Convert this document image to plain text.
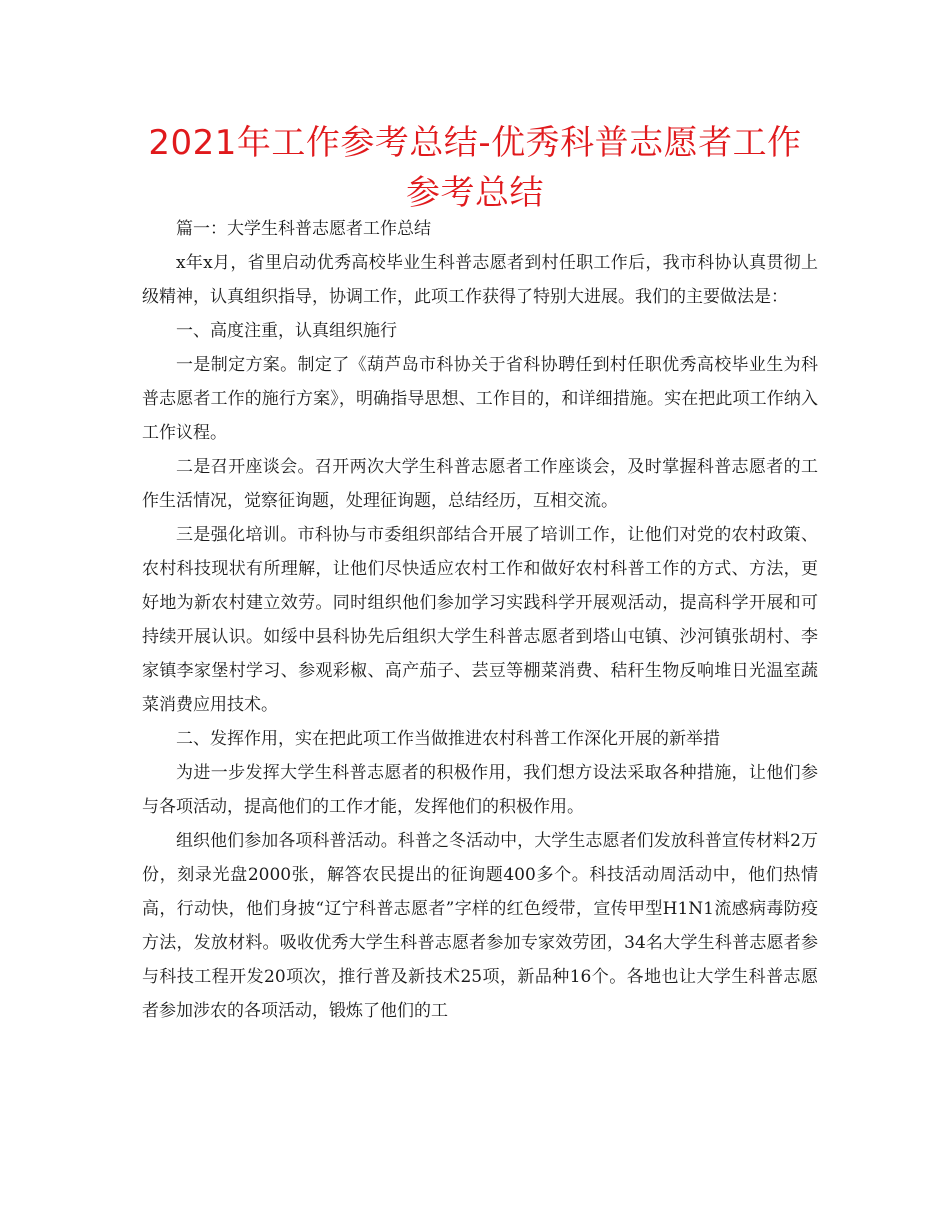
2021年工作参考总结-优秀科普志愿者工作参考总结

篇一：大学生科普志愿者工作总结

x年x月，省里启动优秀高校毕业生科普志愿者到村任职工作后，我市科协认真贯彻上级精神，认真组织指导，协调工作，此项工作获得了特别大进展。我们的主要做法是：

一、高度注重，认真组织施行

一是制定方案。制定了《葫芦岛市科协关于省科协聘任到村任职优秀高校毕业生为科普志愿者工作的施行方案》，明确指导思想、工作目的，和详细措施。实在把此项工作纳入工作议程。

二是召开座谈会。召开两次大学生科普志愿者工作座谈会，及时掌握科普志愿者的工作生活情况，觉察征询题，处理征询题，总结经历，互相交流。

三是强化培训。市科协与市委组织部结合开展了培训工作，让他们对党的农村政策、农村科技现状有所理解，让他们尽快适应农村工作和做好农村科普工作的方式、方法，更好地为新农村建立效劳。同时组织他们参加学习实践科学开展观活动，提高科学开展和可持续开展认识。如绥中县科协先后组织大学生科普志愿者到塔山屯镇、沙河镇张胡村、李家镇李家堡村学习、参观彩椒、高产茄子、芸豆等棚菜消费、秸秆生物反响堆日光温室蔬菜消费应用技术。

二、发挥作用，实在把此项工作当做推进农村科普工作深化开展的新举措

为进一步发挥大学生科普志愿者的积极作用，我们想方设法采取各种措施，让他们参与各项活动，提高他们的工作才能，发挥他们的积极作用。

组织他们参加各项科普活动。科普之冬活动中，大学生志愿者们发放科普宣传材料2万份，刻录光盘2000张，解答农民提出的征询题400多个。科技活动周活动中，他们热情高，行动快，他们身披“辽宁科普志愿者”字样的红色绶带，宣传甲型H1N1流感病毒防疫方法，发放材料。吸收优秀大学生科普志愿者参加专家效劳团，34名大学生科普志愿者参与科技工程开发20项次，推行普及新技术25项，新品种16个。各地也让大学生科普志愿者参加涉农的各项活动，锻炼了他们的工
